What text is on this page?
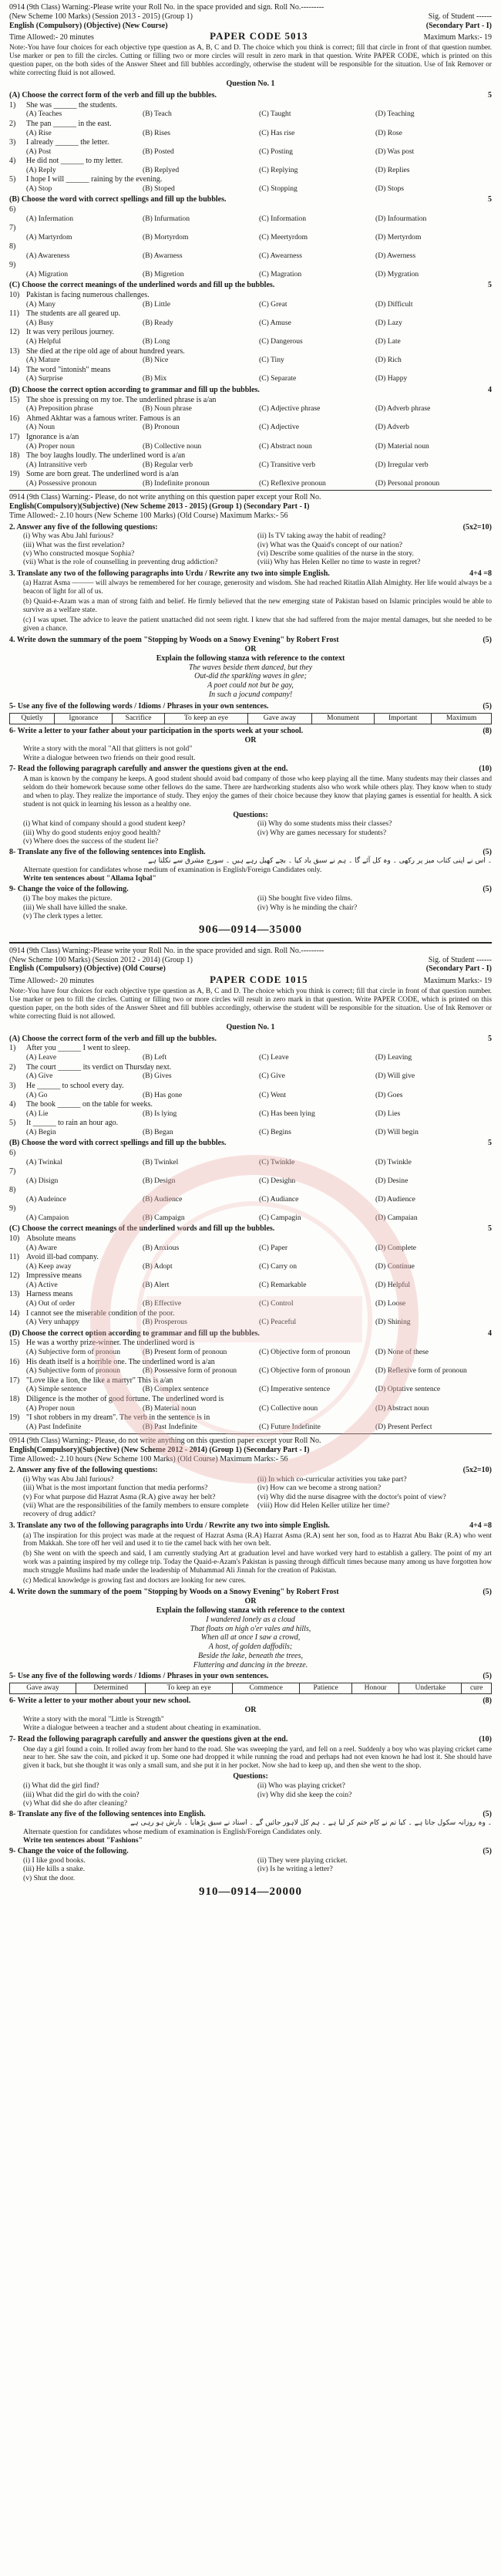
0914 (9th Class) Warning:-Please write your Roll No. in the space provided and sign. Roll No.---------
(New Scheme 100 Marks) (Session 2013 - 2015) (Group 1)	Sig. of Student ------
English (Compulsory) (Objective) (New Course)	(Secondary Part - I)
Time Allowed:- 20 minutes	PAPER CODE 5013	Maximum Marks:- 19
Note:-You have four choices for each objective type question as A, B, C and D. The choice which you think is correct; fill that circle in front of that question number. Use marker or pen to fill the circles. Cutting or filling two or more circles will result in zero mark in that question. Write PAPER CODE, which is printed on this question paper, on the both sides of the Answer Sheet and fill bubbles accordingly, otherwise the student will be responsible for the situation. Use of Ink Remover or white correcting fluid is not allowed.
Question No. 1
(A) Choose the correct form of the verb and fill up the bubbles.	5
1)	She was ______ the students.
(A) Teaches	(B) Teach	(C) Taught	(D) Teaching
2)	The pan ______ in the east.
(A) Rise	(B) Rises	(C) Has rise	(D) Rose
3)	I already ______ the letter.
(A) Post	(B) Posted	(C) Posting	(D) Was post
4)	He did not ______ to my letter.
(A) Reply	(B) Replyed	(C) Replying	(D) Replies
5)	I hope I will ______ raining by the evening.
(A) Stop	(B) Stoped	(C) Stopping	(D) Stops
(B) Choose the word with correct spellings and fill up the bubbles.	5
6)
(A) Infermation	(B) Infurmation	(C) Information	(D) Infourmation
7)
(A) Martyrdom	(B) Mortyrdom	(C) Meertyrdom	(D) Mertyrdom
8)
(A) Awareness	(B) Awarness	(C) Awearness	(D) Awerness
9)
(A) Migration	(B) Migretion	(C) Magration	(D) Mygration
(C) Choose the correct meanings of the underlined words and fill up the bubbles.	5
10) Pakistan is facing numerous challenges.
(A) Many	(B) Little	(C) Great	(D) Difficult
11) The students are all geared up.
(A) Busy	(B) Ready	(C) Amuse	(D) Lazy
12) It was very perilous journey.
(A) Helpful	(B) Long	(C) Dangerous	(D) Late
13) She died at the ripe old age of about hundred years.
(A) Mature	(B) Nice	(C) Tiny	(D) Rich
14) The word "intonish" means
(A) Surprise	(B) Mix	(C) Separate	(D) Happy
(D) Choose the correct option according to grammar and fill up the bubbles.	4
15) The shoe is pressing on my toe. The underlined phrase is a/an
(A) Preposition phrase	(B) Noun phrase	(C) Adjective phrase	(D) Adverb phrase
16) Ahmed Akhtar was a famous writer. Famous is an
(A) Noun	(B) Pronoun	(C) Adjective	(D) Adverb
17) Ignorance is a/an
(A) Proper noun	(B) Collective noun	(C) Abstract noun	(D) Material noun
18) The boy laughs loudly. The underlined word is a/an
(A) Intransitive verb	(B) Regular verb	(C) Transitive verb	(D) Irregular verb
19) Some are born great. The underlined word is a/an
(A) Possessive pronoun	(B) Indefinite pronoun	(C) Reflexive pronoun	(D) Personal pronoun
0914 (9th Class) Warning:- Please, do not write anything on this question paper except your Roll No.
English(Compulsory)(Subjective) (New Scheme 2013 - 2015) (Group 1) (Secondary Part - I)
Time Allowed:- 2.10 hours (New Scheme 100 Marks) (Old Course) Maximum Marks:- 56
2. Answer any five of the following questions:	(5x2=10)
(i) Why was Abu Jahl furious?	(ii) Is TV taking away the habit of reading?
(iii) What was the first revelation?	(iv) What was the Quaid's concept of our nation?
(v) Who constructed mosque Sophia?	(vi) Describe some qualities of the nurse in the story.
(vii) What is the role of counselling in preventing drug addiction?	(viii) Why has Helen Keller no time to waste in regret?
3. Translate any two of the following paragraphs into Urdu / Rewrite any two into simple English.	4+4 =8
(a) Hazrat Asma ——— will always be remembered for her courage, generosity and wisdom. She had reached Ritatlin Allah Almighty. Her life would always be a beacon of light for all of us.
(b) Quaid-e-Azam was a man of strong faith and belief. He firmly believed that the new emerging state of Pakistan based on Islamic principles would be able to survive as a welfare state.
(c) I was upset. The advice to leave the patient unattached did not seem right. I knew that she had suffered from the major mental damages, but she needed to be given a chance.
4. Write down the summary of the poem "Stopping by Woods on a Snowy Evening" by Robert Frost	(5)
OR
Explain the following stanza with reference to the context
The waves beside them danced, but they
Out-did the sparkling waves in glee;
A poet could not but be gay,
In such a jocund company!
5- Use any five of the following words / Idioms / Phrases in your own sentences.	(5)
Quietly	Ignorance	Sacrifice	To keep an eye	Gave away	Monument	Important	Maximum
6- Write a letter to your father about your participation in the sports week at your school.	(8)
OR
Write a story with the moral "All that glitters is not gold"
Write a dialogue between two friends on their good result.
7- Read the following paragraph carefully and answer the questions given at the end.	(10)
A man is known by the company he keeps. A good student should avoid bad company of those who keep playing all the time. Many students may their classes and seldom do their homework because some other fellows do the same. There are hardworking students also who work while others play. They know when to study and when to play. They realize the importance of study. They enjoy the games of their choice because they know that playing games is essential for health. A sick student is not quick in learning his lesson as a healthy one.
Questions:
(i) What kind of company should a good student keep?	(ii) Why do some students miss their classes?
(iii) Why do good students enjoy good health?	(iv) Why are games necessary for students?
(v) Where does the success of the student lie?
8- Translate any five of the following sentences into English.	(5)
۔ اس نے اپنی کتاب میز پر رکھی ۔ وہ کل آئے گا ۔ ہم نے سبق یاد کیا ۔ بچے کھیل رہے ہیں ۔ سورج مشرق سے نکلتا ہے
Alternate question for candidates whose medium of examination is English/Foreign Candidates only.
Write ten sentences about "Allama Iqbal"
9- Change the voice of the following.	(5)
(i) The boy makes the picture.	(ii) She bought five video films.
(iii) We shall have killed the snake.	(iv) Why is he minding the chair?
(v) The clerk types a letter.
906—0914—35000
0914 (9th Class) Warning:-Please write your Roll No. in the space provided and sign. Roll No.---------
(New Scheme 100 Marks) (Session 2012 - 2014) (Group 1)	Sig. of Student ------
English (Compulsory) (Objective) (Old Course)	(Secondary Part - I)
Time Allowed:- 20 minutes	PAPER CODE 1015	Maximum Marks:- 19
Note:-You have four choices for each objective type question as A, B, C and D. The choice which you think is correct; fill that circle in front of that question number. Use marker or pen to fill the circles. Cutting or filling two or more circles will result in zero mark in that question. Write PAPER CODE, which is printed on this question paper, on the both sides of the Answer Sheet and fill bubbles accordingly, otherwise the student will be responsible for the situation. Use of Ink Remover or white correcting fluid is not allowed.
Question No. 1
(A) Choose the correct form of the verb and fill up the bubbles.	5
1)	After you ______ I went to sleep.
(A) Leave	(B) Left	(C) Leave	(D) Leaving
2)	The court ______ its verdict on Thursday next.
(A) Give	(B) Gives	(C) Give	(D) Will give
3)	He ______ to school every day.
(A) Go	(B) Has gone	(C) Went	(D) Goes
4)	The book ______ on the table for weeks.
(A) Lie	(B) Is lying	(C) Has been lying	(D) Lies
5)	It ______ to rain an hour ago.
(A) Begin	(B) Began	(C) Begins	(D) Will begin
(B) Choose the word with correct spellings and fill up the bubbles.	5
6)
(A) Twinkal	(B) Twinkel	(C) Twinkle	(D) Twinkle
7)
(A) Disign	(B) Design	(C) Desighn	(D) Desine
8)
(A) Audeince	(B) Audience	(C) Audiance	(D) Audience
9)
(A) Campaion	(B) Campaign	(C) Campagin	(D) Campaian
(C) Choose the correct meanings of the underlined words and fill up the bubbles.	5
10) Absolute means
(A) Aware	(B) Anxious	(C) Paper	(D) Complete
11) Avoid ill-bad company.
(A) Keep away	(B) Adopt	(C) Carry on	(D) Continue
12) Impressive means
(A) Active	(B) Alert	(C) Remarkable	(D) Helpful
13) Harness means
(A) Out of order	(B) Effective	(C) Control	(D) Loose
14) I cannot see the miserable condition of the poor.
(A) Very unhappy	(B) Prosperous	(C) Peaceful	(D) Shining
(D) Choose the correct option according to grammar and fill up the bubbles.	4
15) He was a worthy prize-winner. The underlined word is
(A) Subjective form of pronoun	(B) Present form of pronoun	(C) Objective form of pronoun	(D) None of these
16) His death itself is a horrible one. The underlined word is a/an
(A) Subjective form of pronoun	(B) Possessive form of pronoun	(C) Objective form of pronoun	(D) Reflexive form of pronoun
17) "Love like a lion, the like a martyr" This is a/an
(A) Simple sentence	(B) Complex sentence	(C) Imperative sentence	(D) Optative sentence
18) Diligence is the mother of good fortune. The underlined word is
(A) Proper noun	(B) Material noun	(C) Collective noun	(D) Abstract noun
19) "I shot robbers in my dream". The verb in the sentence is in
(A) Past Indefinite	(B) Past Indefinite	(C) Future Indefinite	(D) Present Perfect
0914 (9th Class) Warning:- Please, do not write anything on this question paper except your Roll No.
English(Compulsory)(Subjective) (New Scheme 2012 - 2014) (Group 1) (Secondary Part - I)
Time Allowed:- 2.10 hours (New Scheme 100 Marks) (Old Course) Maximum Marks:- 56
2. Answer any five of the following questions:	(5x2=10)
(i) Why was Abu Jahl furious?	(ii) In which co-curricular activities you take part?
(iii) What is the most important function that media performs?	(iv) How can we become a strong nation?
(v) For what purpose did Hazrat Asma (R.A) give away her belt?	(vi) Why did the nurse disagree with the doctor's point of view?
(vii) What are the responsibilities of the family members to ensure complete recovery of drug addict?
(viii) How did Helen Keller utilize her time?
3. Translate any two of the following paragraphs into Urdu / Rewrite any two into simple English.	4+4 =8
(a) The inspiration for this project was made at the request of Hazrat Asma (R.A) Hazrat Asma (R.A) sent her son, food as to Hazrat Abu Bakr (R.A) who went from Makkah. She tore off her veil and used it to tie the camel back with her own belt.
(b) She went on with the speech and said, I am currently studying Art at graduation level and have worked very hard to establish a gallery. The point of my art work was a painting inspired by my college trip. Today the Quaid-e-Azam's Pakistan is passing through difficult times because many among us have forgotten how much struggle Muslims had made under the leadership of Muhammad Ali Jinnah for the creation of Pakistan.
(c) Medical knowledge is growing fast and doctors are looking for new cures.
4. Write down the summary of the poem "Stopping by Woods on a Snowy Evening" by Robert Frost	(5)
OR
Explain the following stanza with reference to the context
I wandered lonely as a cloud
That floats on high o'er vales and hills,
When all at once I saw a crowd,
A host, of golden daffodils;
Beside the lake, beneath the trees,
Fluttering and dancing in the breeze.
5- Use any five of the following words / Idioms / Phrases in your own sentences.	(5)
Gave away	Determined	To keep an eye	Commence	Patience	Honour	Undertake	cure
6- Write a letter to your mother about your new school.	(8)
OR
Write a story with the moral "Little is Strength"
Write a dialogue between a teacher and a student about cheating in examination.
7- Read the following paragraph carefully and answer the questions given at the end.	(10)
One day a girl found a coin. It rolled away from her hand to the road. She was sweeping the yard, and fell on a reel. Suddenly a boy who was playing cricket came near to her. She saw the coin, and picked it up. Some one had dropped it while running the road and perhaps had not even known he had lost it. She should have given it back, but she thought it was only a small sum, and she put it in her pocket. Now she had to keep up, and then she went to the shop.
Questions:
(i) What did the girl find?	(ii) Who was playing cricket?
(iii) What did the girl do with the coin?	(iv) Why did she keep the coin?
(v) What did she do after cleaning?
8- Translate any five of the following sentences into English.	(5)
۔ وہ روزانہ سکول جاتا ہے ۔ کیا تم نے کام ختم کر لیا ہے ۔ ہم کل لاہور جائیں گے ۔ استاد نے سبق پڑھایا ۔ بارش ہو رہی ہے
Alternate question for candidates whose medium of examination is English/Foreign Candidates only.
Write ten sentences about "Fashions"
9- Change the voice of the following.	(5)
(i) I like good books.	(ii) They were playing cricket.
(iii) He kills a snake.	(iv) Is he writing a letter?
(v) Shut the door.
910—0914—20000
